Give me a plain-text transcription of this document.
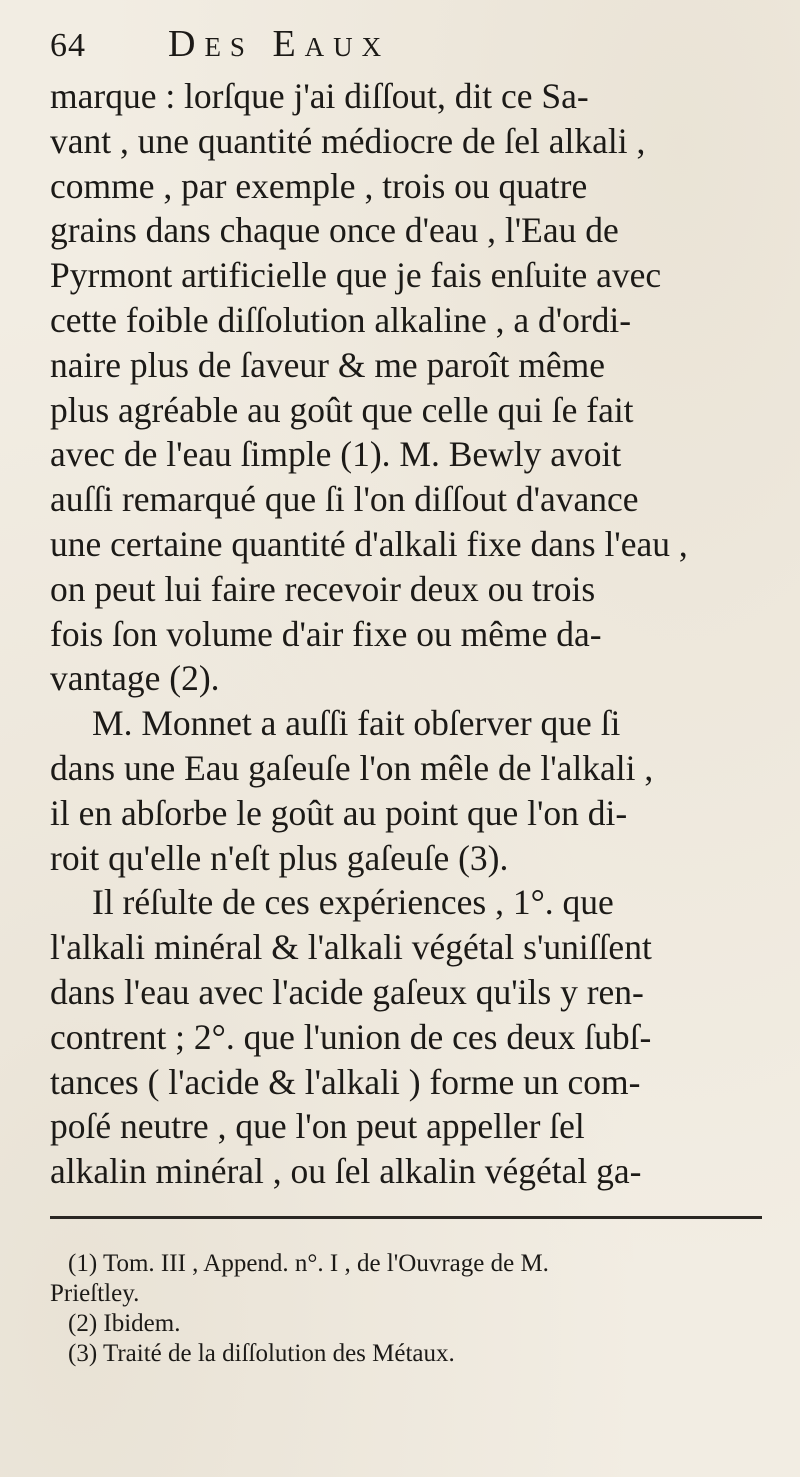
64	Des Eaux
marque : lorſque j'ai diſſout, dit ce Sa-
vant , une quantité médiocre de ſel alkali ,
comme , par exemple , trois ou quatre
grains dans chaque once d'eau , l'Eau de
Pyrmont artificielle que je fais enſuite avec
cette foible diſſolution alkaline , a d'ordi-
naire plus de ſaveur & me paroît même
plus agréable au goût que celle qui ſe fait
avec de l'eau ſimple (1). M. Bewly avoit
auſſi remarqué que ſi l'on diſſout d'avance
une certaine quantité d'alkali fixe dans l'eau ,
on peut lui faire recevoir deux ou trois
fois ſon volume d'air fixe ou même da-
vantage (2).
M. Monnet a auſſi fait obſerver que ſi
dans une Eau gaſeuſe l'on mêle de l'alkali ,
il en abſorbe le goût au point que l'on di-
roit qu'elle n'eſt plus gaſeuſe (3).
Il réſulte de ces expériences , 1°. que
l'alkali minéral & l'alkali végétal s'uniſſent
dans l'eau avec l'acide gaſeux qu'ils y ren-
contrent ; 2°. que l'union de ces deux ſubſ-
tances ( l'acide & l'alkali ) forme un com-
poſé neutre , que l'on peut appeller ſel
alkalin minéral , ou ſel alkalin végétal ga-
(1) Tom. III , Append. n°. I , de l'Ouvrage de M.
Prieſtley.
(2) Ibidem.
(3) Traité de la diſſolution des Métaux.
